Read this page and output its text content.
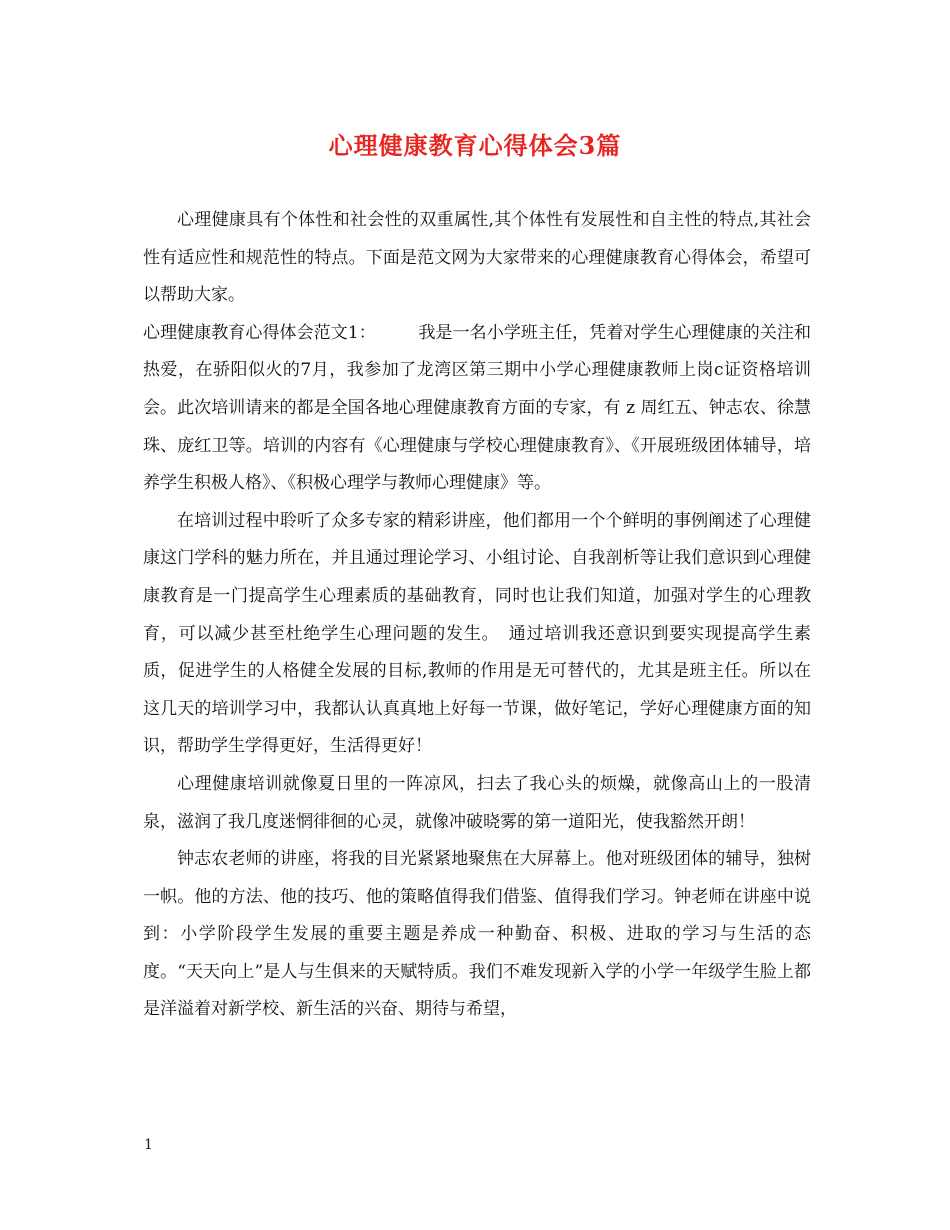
心理健康教育心得体会3篇

心理健康具有个体性和社会性的双重属性,其个体性有发展性和自主性的特点,其社会性有适应性和规范性的特点。下面是范文网为大家带来的心理健康教育心得体会，希望可以帮助大家。

心理健康教育心得体会范文1：　　　我是一名小学班主任，凭着对学生心理健康的关注和热爱，在骄阳似火的7月，我参加了龙湾区第三期中小学心理健康教师上岗c证资格培训会。此次培训请来的都是全国各地心理健康教育方面的专家，有 z 周红五、钟志农、徐慧珠、庞红卫等。培训的内容有《心理健康与学校心理健康教育》、《开展班级团体辅导，培养学生积极人格》、《积极心理学与教师心理健康》等。

在培训过程中聆听了众多专家的精彩讲座，他们都用一个个鲜明的事例阐述了心理健康这门学科的魅力所在，并且通过理论学习、小组讨论、自我剖析等让我们意识到心理健康教育是一门提高学生心理素质的基础教育，同时也让我们知道，加强对学生的心理教育，可以减少甚至杜绝学生心理问题的发生。　通过培训我还意识到要实现提高学生素质，促进学生的人格健全发展的目标,教师的作用是无可替代的，尤其是班主任。所以在这几天的培训学习中，我都认认真真地上好每一节课，做好笔记，学好心理健康方面的知识，帮助学生学得更好，生活得更好！

心理健康培训就像夏日里的一阵凉风，扫去了我心头的烦燥，就像高山上的一股清泉，滋润了我几度迷惘徘徊的心灵，就像冲破晓雾的第一道阳光，使我豁然开朗！

钟志农老师的讲座，将我的目光紧紧地聚焦在大屏幕上。他对班级团体的辅导，独树一帜。他的方法、他的技巧、他的策略值得我们借鉴、值得我们学习。钟老师在讲座中说到：小学阶段学生发展的重要主题是养成一种勤奋、积极、进取的学习与生活的态度。“天天向上”是人与生俱来的天赋特质。我们不难发现新入学的小学一年级学生脸上都是洋溢着对新学校、新生活的兴奋、期待与希望，

1
